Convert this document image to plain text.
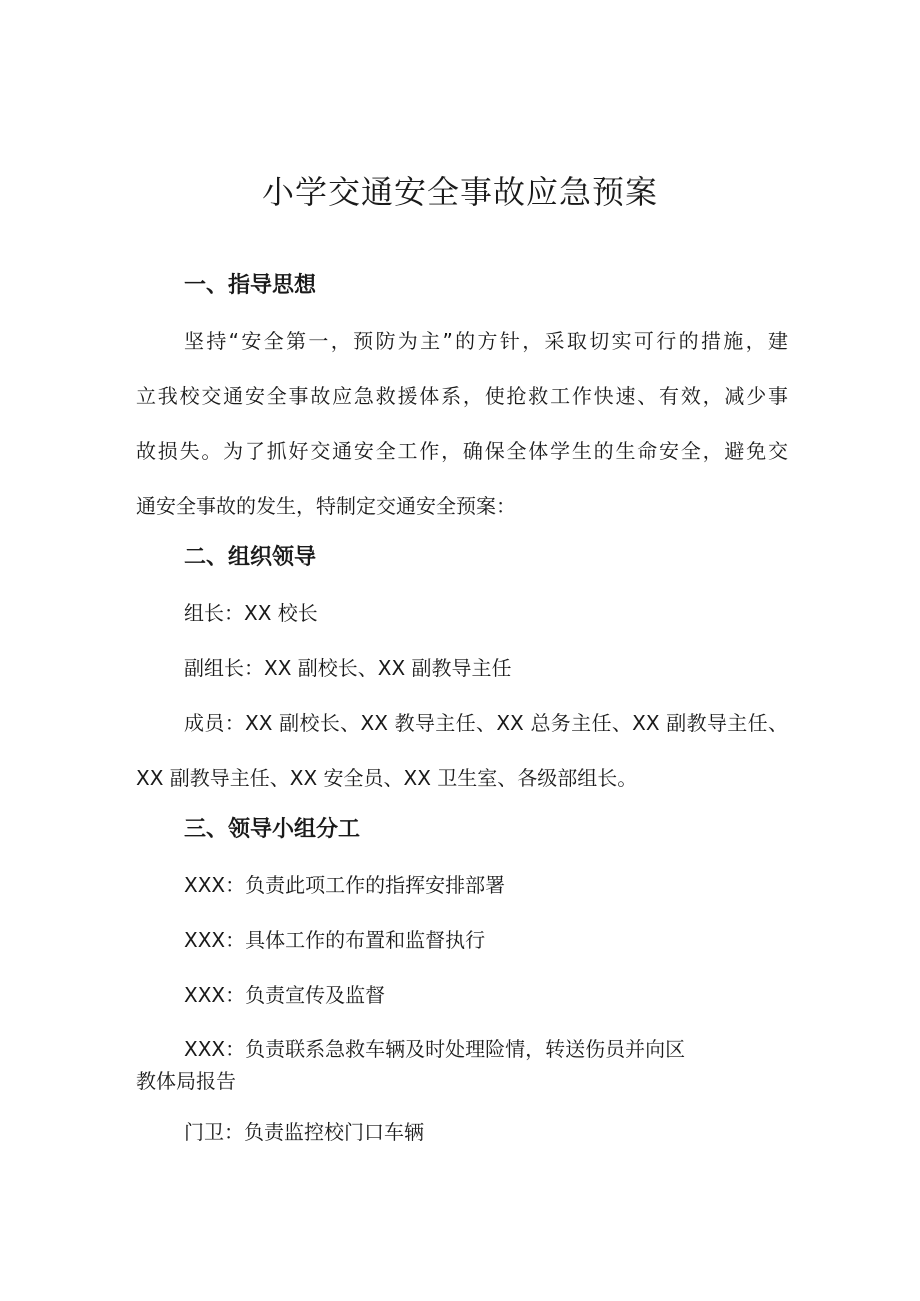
小学交通安全事故应急预案
一、指导思想
坚持“安全第一，预防为主”的方针，采取切实可行的措施，建
立我校交通安全事故应急救援体系，使抢救工作快速、有效，减少事
故损失。为了抓好交通安全工作，确保全体学生的生命安全，避免交
通安全事故的发生，特制定交通安全预案：
二、组织领导
组长：XX 校长
副组长：XX 副校长、XX 副教导主任
成员：XX 副校长、XX 教导主任、XX 总务主任、XX 副教导主任、
XX 副教导主任、XX 安全员、XX 卫生室、各级部组长。
三、领导小组分工
XXX：负责此项工作的指挥安排部署
XXX：具体工作的布置和监督执行
XXX：负责宣传及监督
XXX：负责联系急救车辆及时处理险情，转送伤员并向区
教体局报告
门卫：负责监控校门口车辆
